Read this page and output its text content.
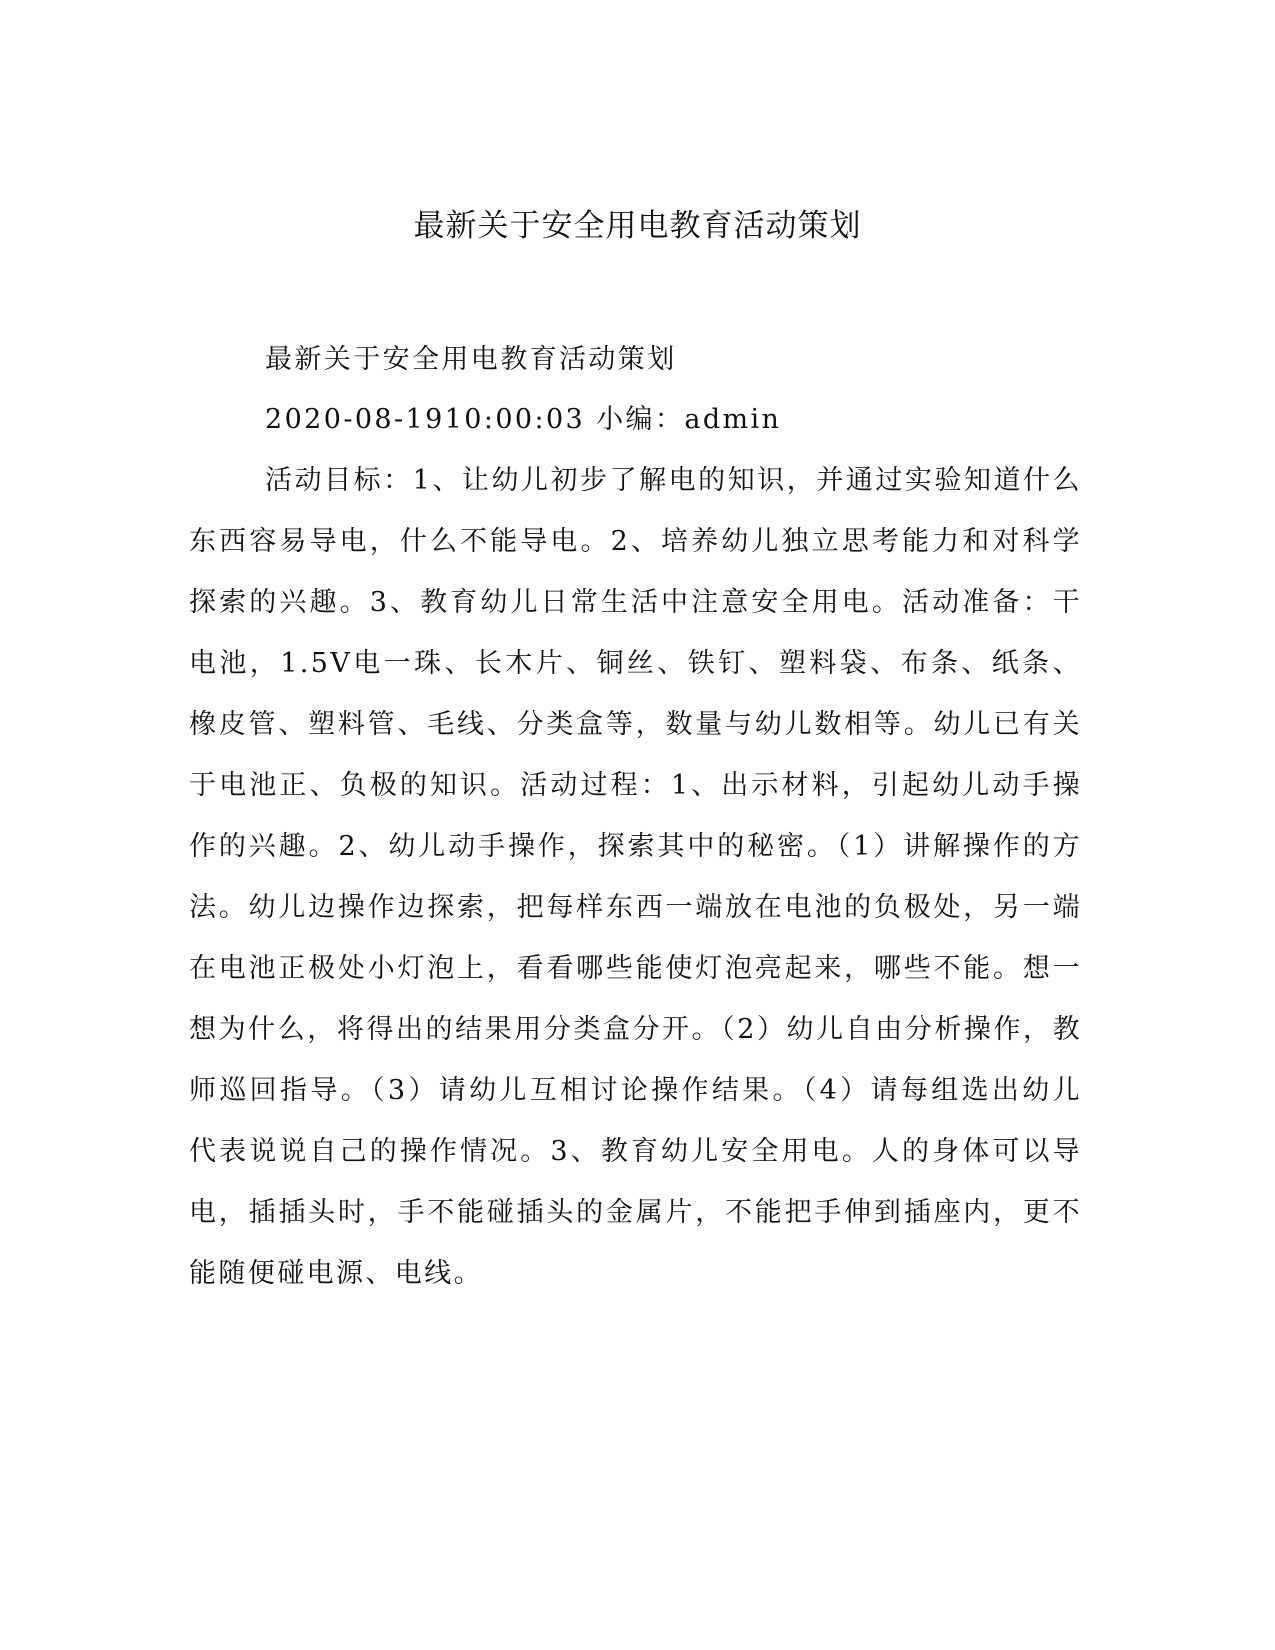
最新关于安全用电教育活动策划

最新关于安全用电教育活动策划

2020-08-1910:00:03 小编：admin

活动目标：1、让幼儿初步了解电的知识，并通过实验知道什么东西容易导电，什么不能导电。2、培养幼儿独立思考能力和对科学探索的兴趣。3、教育幼儿日常生活中注意安全用电。活动准备：干电池，1.5V电一珠、长木片、铜丝、铁钉、塑料袋、布条、纸条、橡皮管、塑料管、毛线、分类盒等，数量与幼儿数相等。幼儿已有关于电池正、负极的知识。活动过程：1、出示材料，引起幼儿动手操作的兴趣。2、幼儿动手操作，探索其中的秘密。（1）讲解操作的方法。幼儿边操作边探索，把每样东西一端放在电池的负极处，另一端在电池正极处小灯泡上，看看哪些能使灯泡亮起来，哪些不能。想一想为什么，将得出的结果用分类盒分开。（2）幼儿自由分析操作，教师巡回指导。（3）请幼儿互相讨论操作结果。（4）请每组选出幼儿代表说说自己的操作情况。3、教育幼儿安全用电。人的身体可以导电，插插头时，手不能碰插头的金属片，不能把手伸到插座内，更不能随便碰电源、电线。
